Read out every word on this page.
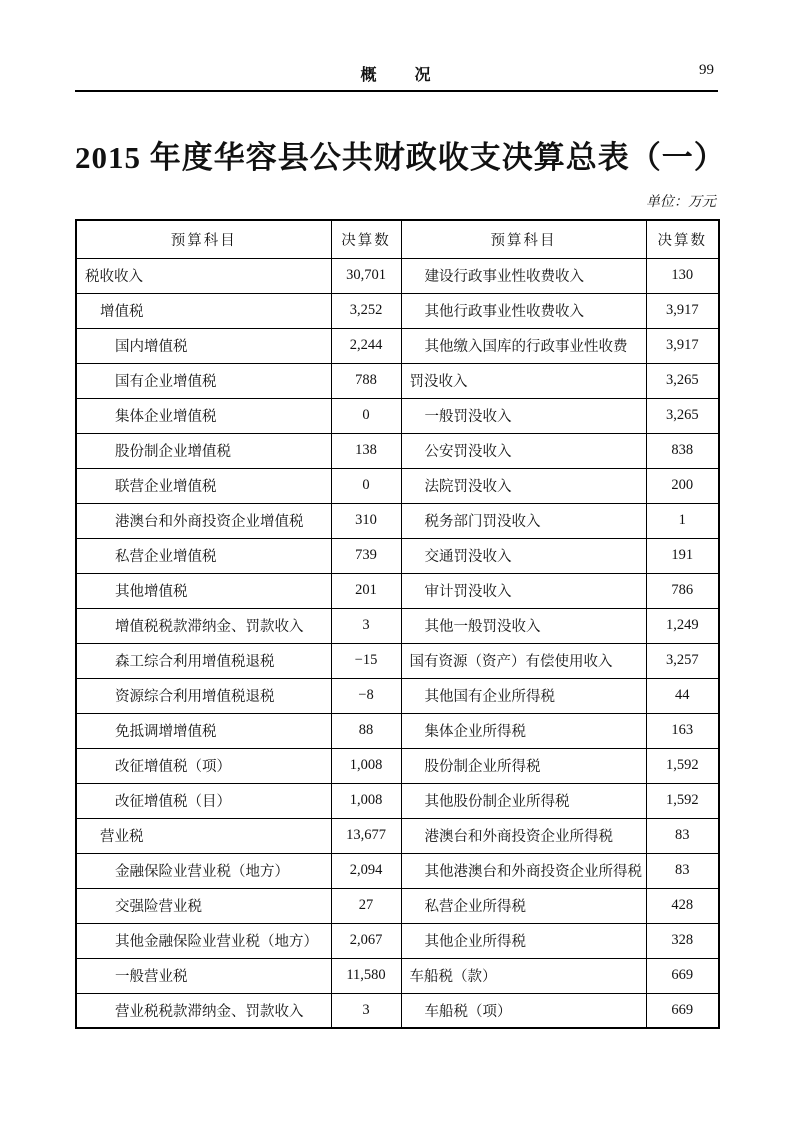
概　　况	99
2015 年度华容县公共财政收支决算总表（一）
单位：万元
预算科目	决算数	预算科目	决算数
税收收入	30,701	建设行政事业性收费收入	130
增值税	3,252	其他行政事业性收费收入	3,917
国内增值税	2,244	其他缴入国库的行政事业性收费	3,917
国有企业增值税	788	罚没收入	3,265
集体企业增值税	0	一般罚没收入	3,265
股份制企业增值税	138	公安罚没收入	838
联营企业增值税	0	法院罚没收入	200
港澳台和外商投资企业增值税	310	税务部门罚没收入	1
私营企业增值税	739	交通罚没收入	191
其他增值税	201	审计罚没收入	786
增值税税款滞纳金、罚款收入	3	其他一般罚没收入	1,249
森工综合利用增值税退税	−15	国有资源（资产）有偿使用收入	3,257
资源综合利用增值税退税	−8	其他国有企业所得税	44
免抵调增增值税	88	集体企业所得税	163
改征增值税（项）	1,008	股份制企业所得税	1,592
改征增值税（目）	1,008	其他股份制企业所得税	1,592
营业税	13,677	港澳台和外商投资企业所得税	83
金融保险业营业税（地方）	2,094	其他港澳台和外商投资企业所得税	83
交强险营业税	27	私营企业所得税	428
其他金融保险业营业税（地方）	2,067	其他企业所得税	328
一般营业税	11,580	车船税（款）	669
营业税税款滞纳金、罚款收入	3	车船税（项）	669
